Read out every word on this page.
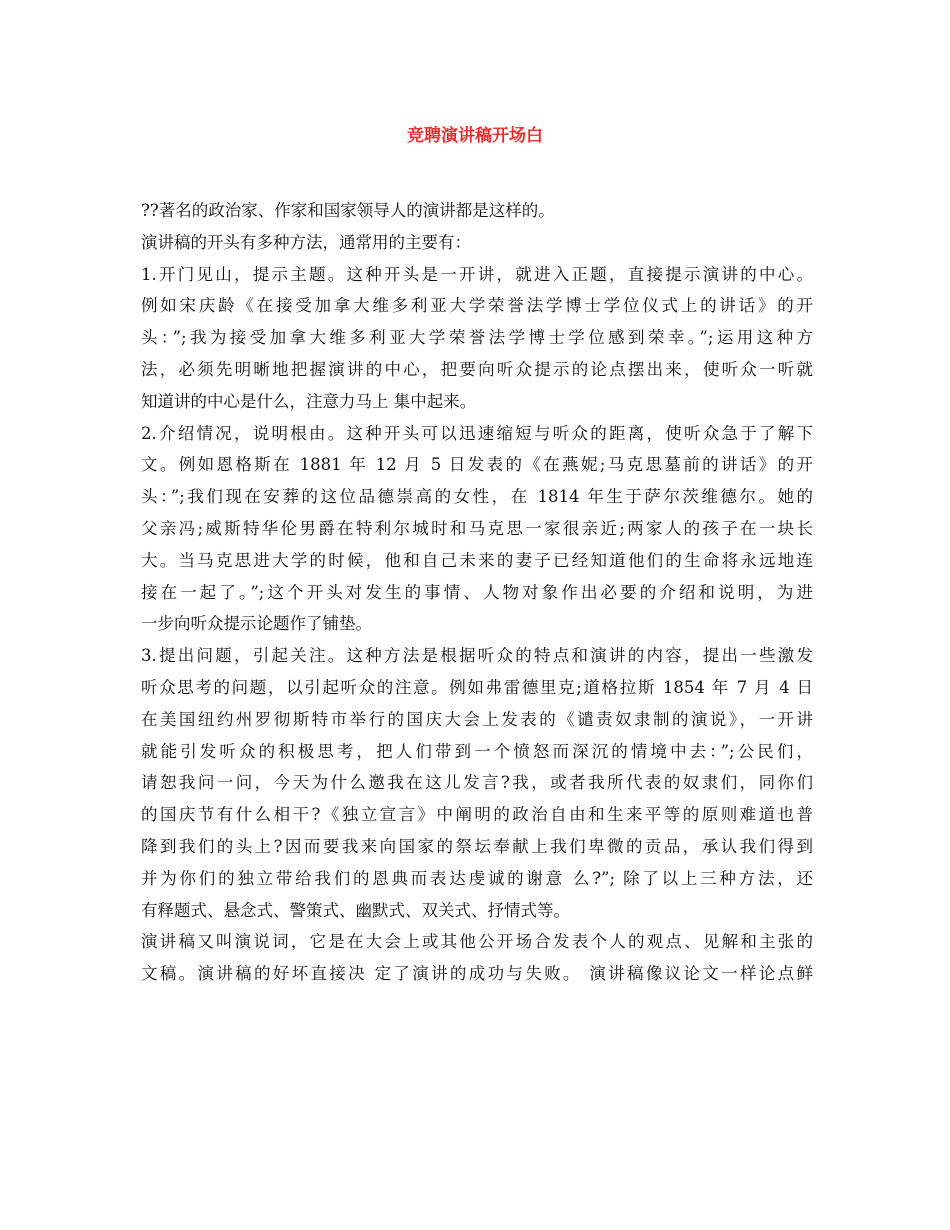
竞聘演讲稿开场白
??著名的政治家、作家和国家领导人的演讲都是这样的。
演讲稿的开头有多种方法，通常用的主要有：
1.开门见山，提示主题。这种开头是一开讲，就进入正题，直接提示演讲的中心。
例如宋庆龄《在接受加拿大维多利亚大学荣誉法学博士学位仪式上的讲话》的开
头：”;我为接受加拿大维多利亚大学荣誉法学博士学位感到荣幸。”;运用这种方
法，必须先明晰地把握演讲的中心，把要向听众提示的论点摆出来，使听众一听就
知道讲的中心是什么，注意力马上 集中起来。
2.介绍情况，说明根由。这种开头可以迅速缩短与听众的距离，使听众急于了解下
文。例如恩格斯在 1881 年 12 月 5 日发表的《在燕妮;马克思墓前的讲话》的开
头：”;我们现在安葬的这位品德崇高的女性，在 1814 年生于萨尔茨维德尔。她的
父亲冯;威斯特华伦男爵在特利尔城时和马克思一家很亲近;两家人的孩子在一块长
大。当马克思进大学的时候，他和自己未来的妻子已经知道他们的生命将永远地连
接在一起了。”;这个开头对发生的事情、人物对象作出必要的介绍和说明，为进
一步向听众提示论题作了铺垫。
3.提出问题，引起关注。这种方法是根据听众的特点和演讲的内容，提出一些激发
听众思考的问题，以引起听众的注意。例如弗雷德里克;道格拉斯 1854 年 7 月 4 日
在美国纽约州罗彻斯特市举行的国庆大会上发表的《谴责奴隶制的演说》，一开讲
就能引发听众的积极思考，把人们带到一个愤怒而深沉的情境中去：”;公民们，
请恕我问一问，今天为什么邀我在这儿发言?我，或者我所代表的奴隶们，同你们
的国庆节有什么相干?《独立宣言》中阐明的政治自由和生来平等的原则难道也普
降到我们的头上?因而要我来向国家的祭坛奉献上我们卑微的贡品，承认我们得到
并为你们的独立带给我们的恩典而表达虔诚的谢意 么?”; 除了以上三种方法，还
有释题式、悬念式、警策式、幽默式、双关式、抒情式等。
演讲稿又叫演说词，它是在大会上或其他公开场合发表个人的观点、见解和主张的
文稿。演讲稿的好坏直接决 定了演讲的成功与失败。 演讲稿像议论文一样论点鲜
